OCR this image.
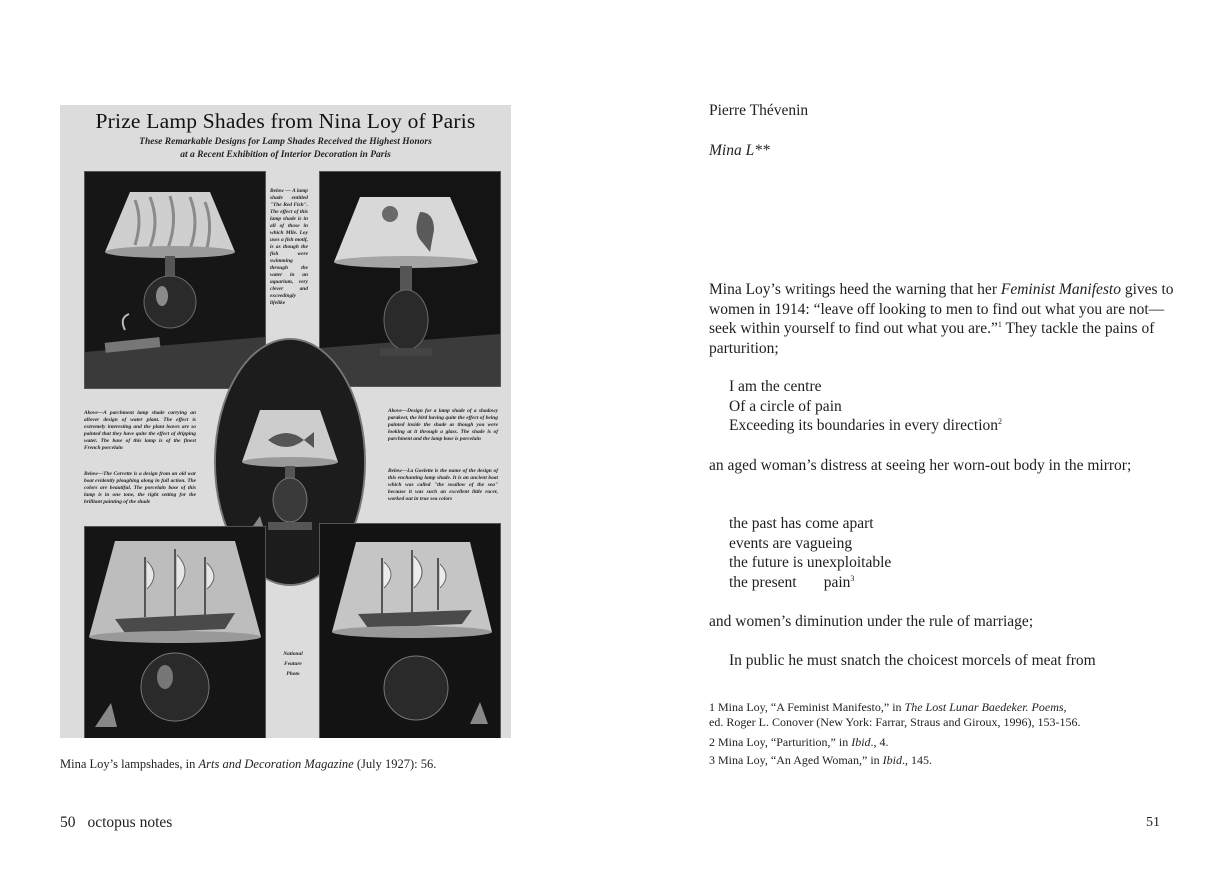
Prize Lamp Shades from Nina Loy of Paris
These Remarkable Designs for Lamp Shades Received the Highest Honors
at a Recent Exhibition of Interior Decoration in Paris
Below — A lamp shade entitled "The Red Fish". The effect of this lamp shade is in all of those in which Mlle. Loy uses a fish motif, is as though the fish were swimming through the water in an aquarium, very clever and exceedingly lifelike
Above—A parchment lamp shade carrying an allover design of water plant. The effect is extremely interesting and the plant leaves are so painted that they have quite the effect of dripping water. The base of this lamp is of the finest French porcelain
Below—The Corvette is a design from an old war boat evidently ploughing along in full action. The colors are beautiful. The porcelain base of this lamp is in one tone, the right setting for the brilliant painting of the shade
Above—Design for a lamp shade of a shadowy parakeet, the bird having quite the effect of being painted inside the shade as though you were looking at it through a glass. The shade is of parchment and the lamp base is porcelain
Below—La Goelette is the name of the design of this enchanting lamp shade. It is an ancient boat which was called "the swallow of the sea" because it was such an excellent little racer, worked out in true sea colors
National
Feature
Photo
Mina Loy’s lampshades, in Arts and Decoration Magazine (July 1927): 56.
50 octopus notes
Pierre Thévenin
Mina L**

Mina Loy’s writings heed the warning that her Feminist Manifesto gives to women in 1914: “leave off looking to men to find out what you are not—seek within yourself to find out what you are.”$^1$ They tackle the pains of parturition;

I am the centre
Of a circle of pain
Exceeding its boundaries in every direction$^2$

an aged woman’s distress at seeing her worn-out body in the mirror;

the past has come apart
events are vagueing
the future is unexploitable
the present       pain$^3$

and women’s diminution under the rule of marriage;

In public he must snatch the choicest morcels of meat from
1 Mina Loy, “A Feminist Manifesto,” in The Lost Lunar Baedeker. Poems,
ed. Roger L. Conover (New York: Farrar, Straus and Giroux, 1996), 153-156.
2 Mina Loy, “Parturition,” in Ibid., 4.
3 Mina Loy, “An Aged Woman,” in Ibid., 145.
51
